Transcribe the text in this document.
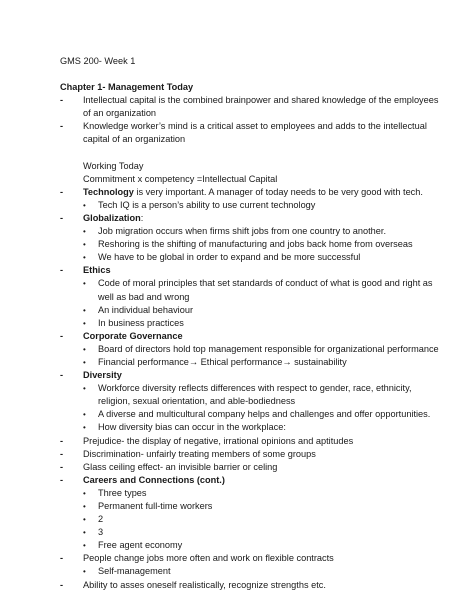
GMS 200- Week 1

Chapter 1- Management Today

- Intellectual capital is the combined brainpower and shared knowledge of the employees of an organization
- Knowledge worker’s mind is a critical asset to employees and adds to the intellectual capital of an organization

Working Today

Commitment x competency =Intellectual Capital

- Technology is very important. A manager of today needs to be very good with tech.
• Tech IQ is a person’s ability to use current technology
- Globalization:
• Job migration occurs when firms shift jobs from one country to another.
• Reshoring is the shifting of manufacturing and jobs back home from overseas
• We have to be global in order to expand and be more successful
- Ethics
• Code of moral principles that set standards of conduct of what is good and right as well as bad and wrong
• An individual behaviour
• In business practices
- Corporate Governance
• Board of directors hold top management responsible for organizational performance
• Financial performance→ Ethical performance→ sustainability
- Diversity
• Workforce diversity reflects differences with respect to gender, race, ethnicity, religion, sexual orientation, and able-bodiedness
• A diverse and multicultural company helps and challenges and offer opportunities.
• How diversity bias can occur in the workplace:
- Prejudice- the display of negative, irrational opinions and aptitudes
- Discrimination- unfairly treating members of some groups
- Glass ceiling effect- an invisible barrier or celing
- Careers and Connections (cont.)
• Three types
• Permanent full-time workers
• 2
• 3
• Free agent economy
- People change jobs more often and work on flexible contracts
• Self-management
- Ability to asses oneself realistically, recognize strengths etc.
